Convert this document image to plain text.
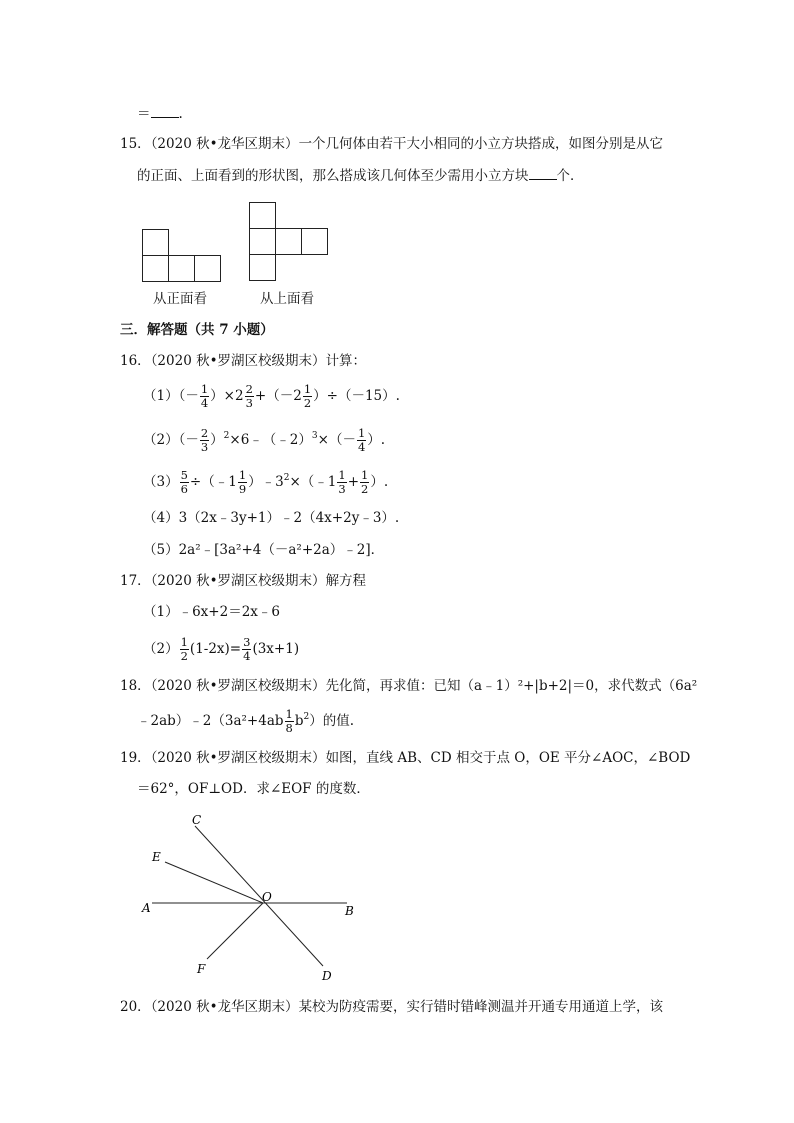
＝ .
15．（2020 秋•龙华区期末）一个几何体由若干大小相同的小立方块搭成，如图分别是从它
的正面、上面看到的形状图，那么搭成该几何体至少需用小立方块 个．
从正面看	从上面看
三．解答题（共 7 小题）
16．（2020 秋•罗湖区校级期末）计算：
$(1)(- \frac{1}{4} )\times 2 \frac{2}{3} +(-2 \frac{1}{2} )\div(-15)$.
$(2)(- \frac{2}{3}$ ）$^2\times 6﹣(﹣2)^3\times(- \frac{1}{4}$ ）.
$(3) \frac{5}{6}$ ÷（﹣1 $\frac{1}{9}$ ）$﹣3^2\times(﹣1 \frac{1}{3} + \frac{1}{2}$ ）.
（4）3（2x﹣3y+1）﹣2（4x+2y﹣3）.
（5）2a²﹣[3a²+4（－a²+2a）﹣2]．
17．（2020 秋•罗湖区校级期末）解方程
（1）﹣6x+2＝2x﹣6
$(2) \frac{1}{2} (1-2x)= \frac{3}{4} (3x+1)$
18．（2020 秋•罗湖区校级期末）先化简，再求值：已知（a﹣1）²+|b+2|＝0，求代数式（6a²
﹣2ab）﹣2（3a²+4ab $\frac{1}{8} b^2$）的值.
19．（2020 秋•罗湖区校级期末）如图，直线 AB、CD 相交于点 O，OE 平分∠AOC，∠BOD
＝62°，OF⊥OD．求∠EOF 的度数．
C
E
A
O
B
F	D
20．（2020 秋•龙华区期末）某校为防疫需要，实行错时错峰测温并开通专用通道上学，该
